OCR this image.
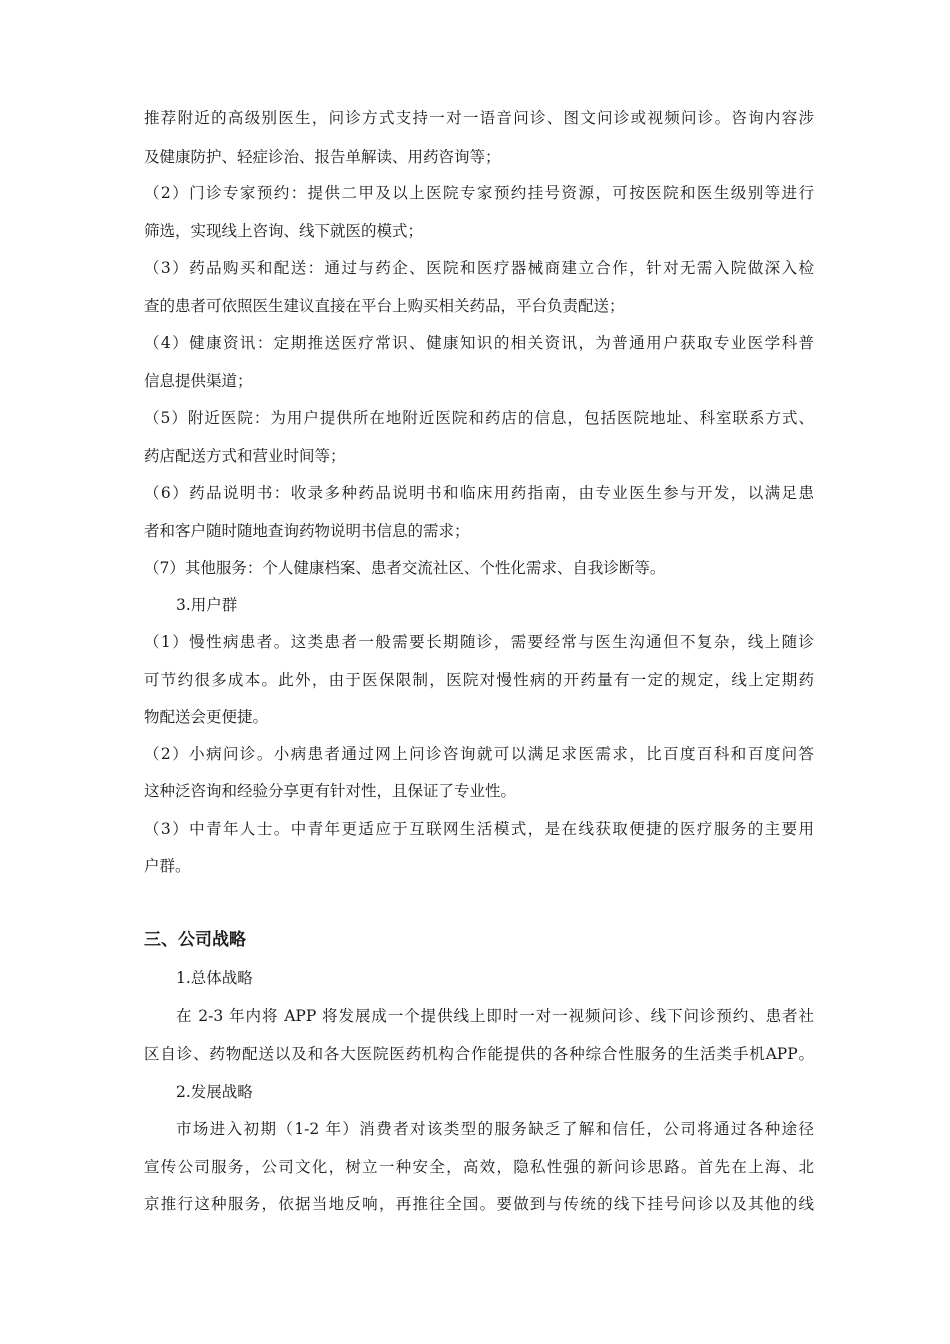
推荐附近的高级别医生，问诊方式支持一对一语音问诊、图文问诊或视频问诊。咨询内容涉
及健康防护、轻症诊治、报告单解读、用药咨询等；
（2）门诊专家预约：提供二甲及以上医院专家预约挂号资源，可按医院和医生级别等进行
筛选，实现线上咨询、线下就医的模式；
（3）药品购买和配送：通过与药企、医院和医疗器械商建立合作，针对无需入院做深入检
查的患者可依照医生建议直接在平台上购买相关药品，平台负责配送；
（4）健康资讯：定期推送医疗常识、健康知识的相关资讯，为普通用户获取专业医学科普
信息提供渠道；
（5）附近医院：为用户提供所在地附近医院和药店的信息，包括医院地址、科室联系方式、
药店配送方式和营业时间等；
（6）药品说明书：收录多种药品说明书和临床用药指南，由专业医生参与开发，以满足患
者和客户随时随地查询药物说明书信息的需求；
（7）其他服务：个人健康档案、患者交流社区、个性化需求、自我诊断等。
3.用户群
（1）慢性病患者。这类患者一般需要长期随诊，需要经常与医生沟通但不复杂，线上随诊
可节约很多成本。此外，由于医保限制，医院对慢性病的开药量有一定的规定，线上定期药
物配送会更便捷。
（2）小病问诊。小病患者通过网上问诊咨询就可以满足求医需求，比百度百科和百度问答
这种泛咨询和经验分享更有针对性，且保证了专业性。
（3）中青年人士。中青年更适应于互联网生活模式，是在线获取便捷的医疗服务的主要用
户群。
三、公司战略
1.总体战略
在 2-3 年内将 APP 将发展成一个提供线上即时一对一视频问诊、线下问诊预约、患者社
区自诊、药物配送以及和各大医院医药机构合作能提供的各种综合性服务的生活类手机APP。
2.发展战略
市场进入初期（1-2 年）消费者对该类型的服务缺乏了解和信任，公司将通过各种途径
宣传公司服务，公司文化，树立一种安全，高效，隐私性强的新问诊思路。首先在上海、北
京推行这种服务，依据当地反响，再推往全国。要做到与传统的线下挂号问诊以及其他的线
